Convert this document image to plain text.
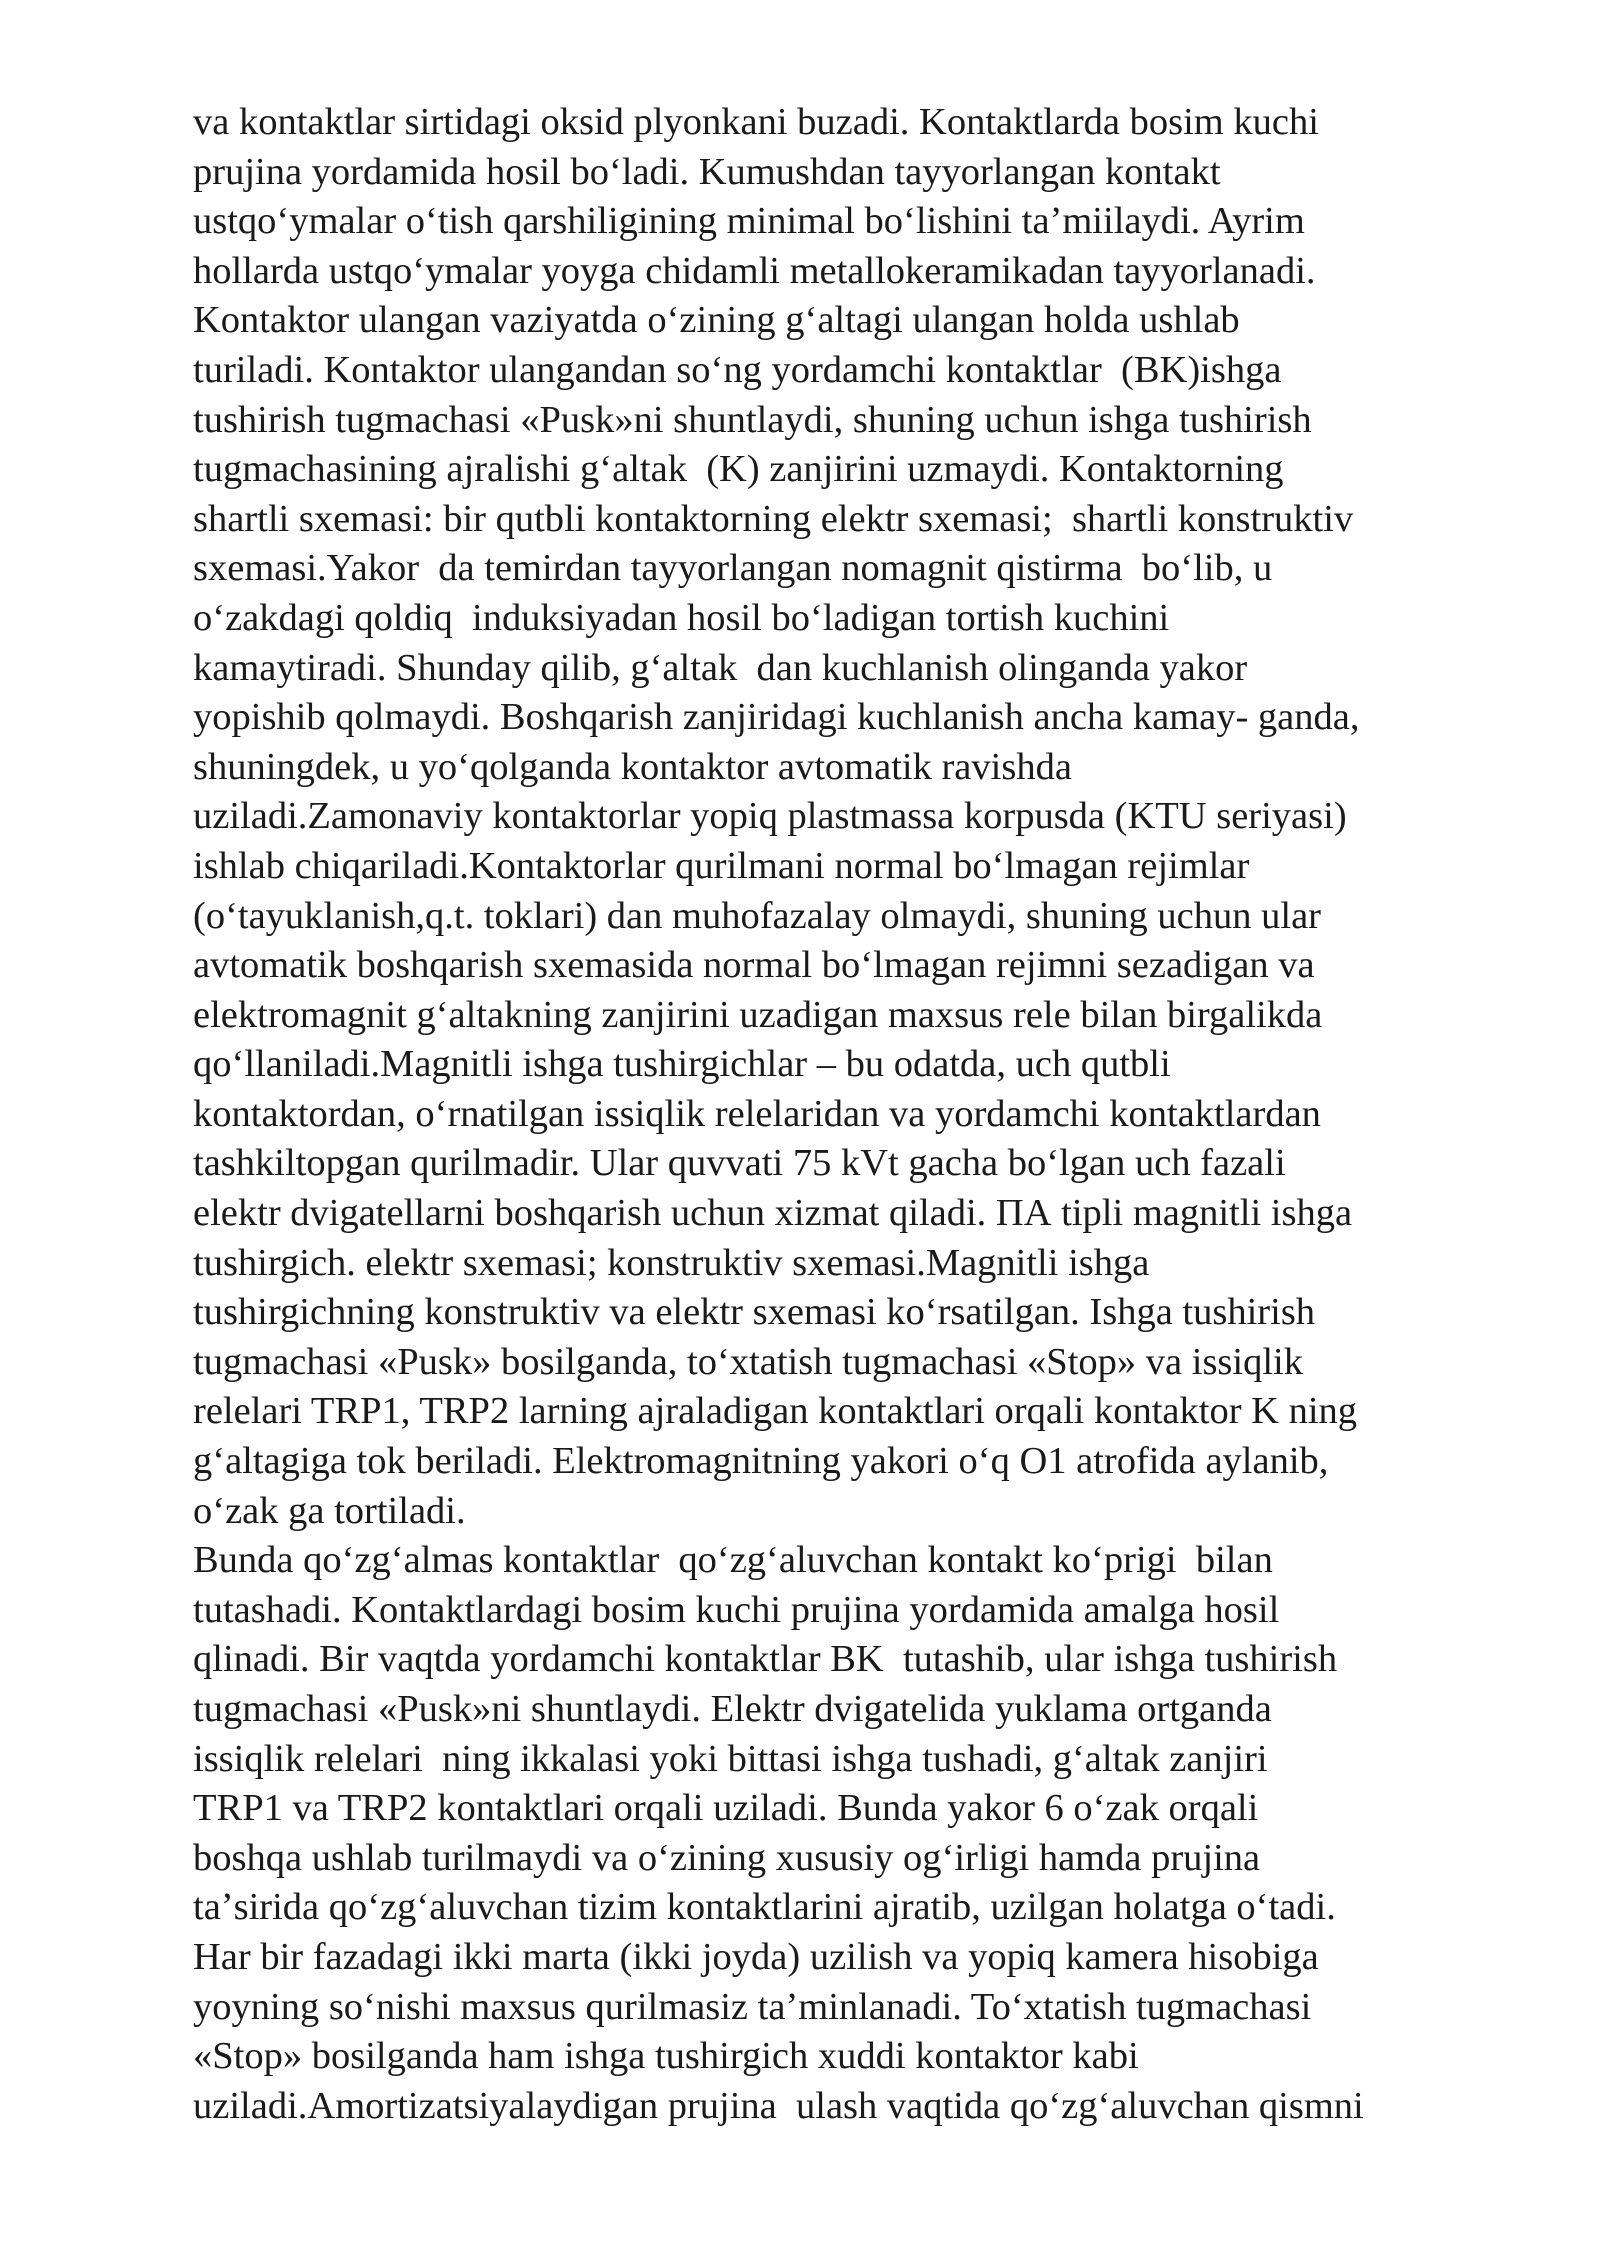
va kontaktlar sirtidagi oksid plyonkani buzadi. Kontaktlarda bosim kuchi
prujina yordamida hosil boʻladi. Kumushdan tayyorlangan kontakt
ustqoʻymalar oʻtish qarshiligining minimal boʻlishini taʼmiilaydi. Ayrim
hollarda ustqoʻymalar yoyga chidamli metallokeramikadan tayyorlanadi.
Kontaktor ulangan vaziyatda oʻzining gʻaltagi ulangan holda ushlab
turiladi. Kontaktor ulangandan soʻng yordamchi kontaktlar  (BK)ishga
tushirish tugmachasi «Pusk»ni shuntlaydi, shuning uchun ishga tushirish
tugmachasining ajralishi gʻaltak  (K) zanjirini uzmaydi. Kontaktorning
shartli sxemasi: bir qutbli kontaktorning elektr sxemasi;  shartli konstruktiv
sxemasi.Yakor  da temirdan tayyorlangan nomagnit qistirma  boʻlib, u
oʻzakdagi qoldiq  induksiyadan hosil boʻladigan tortish kuchini
kamaytiradi. Shunday qilib, gʻaltak  dan kuchlanish olinganda yakor
yopishib qolmaydi. Boshqarish zanjiridagi kuchlanish ancha kamay- ganda,
shuningdek, u yoʻqolganda kontaktor avtomatik ravishda
uziladi.Zamonaviy kontaktorlar yopiq plastmassa korpusda (KTU seriyasi)
ishlab chiqariladi.Kontaktorlar qurilmani normal boʻlmagan rejimlar
(oʻtayuklanish,q.t. toklari) dan muhofazalay olmaydi, shuning uchun ular
avtomatik boshqarish sxemasida normal boʻlmagan rejimni sezadigan va
elektromagnit gʻaltakning zanjirini uzadigan maxsus rele bilan birgalikda
qoʻllaniladi.Magnitli ishga tushirgichlar – bu odatda, uch qutbli
kontaktordan, oʻrnatilgan issiqlik relelaridan va yordamchi kontaktlardan
tashkiltopgan qurilmadir. Ular quvvati 75 kVt gacha boʻlgan uch fazali
elektr dvigatellarni boshqarish uchun xizmat qiladi. ПА tipli magnitli ishga
tushirgich. elektr sxemasi; konstruktiv sxemasi.Magnitli ishga
tushirgichning konstruktiv va elektr sxemasi koʻrsatilgan. Ishga tushirish
tugmachasi «Pusk» bosilganda, toʻxtatish tugmachasi «Stop» va issiqlik
relelari TRP1, TRP2 larning ajraladigan kontaktlari orqali kontaktor K ning
gʻaltagiga tok beriladi. Elektromagnitning yakori oʻq O1 atrofida aylanib,
oʻzak ga tortiladi.
Bunda qoʻzgʻalmas kontaktlar  qoʻzgʻaluvchan kontakt koʻprigi  bilan
tutashadi. Kontaktlardagi bosim kuchi prujina yordamida amalga hosil
qlinadi. Bir vaqtda yordamchi kontaktlar BK  tutashib, ular ishga tushirish
tugmachasi «Pusk»ni shuntlaydi. Elektr dvigatelida yuklama ortganda
issiqlik relelari  ning ikkalasi yoki bittasi ishga tushadi, gʻaltak zanjiri
TRP1 va TRP2 kontaktlari orqali uziladi. Bunda yakor 6 oʻzak orqali
boshqa ushlab turilmaydi va oʻzining xususiy ogʻirligi hamda prujina
taʼsirida qoʻzgʻaluvchan tizim kontaktlarini ajratib, uzilgan holatga oʻtadi.
Har bir fazadagi ikki marta (ikki joyda) uzilish va yopiq kamera hisobiga
yoyning soʻnishi maxsus qurilmasiz taʼminlanadi. Toʻxtatish tugmachasi
«Stop» bosilganda ham ishga tushirgich xuddi kontaktor kabi
uziladi.Amortizatsiyalaydigan prujina  ulash vaqtida qoʻzgʻaluvchan qismni
